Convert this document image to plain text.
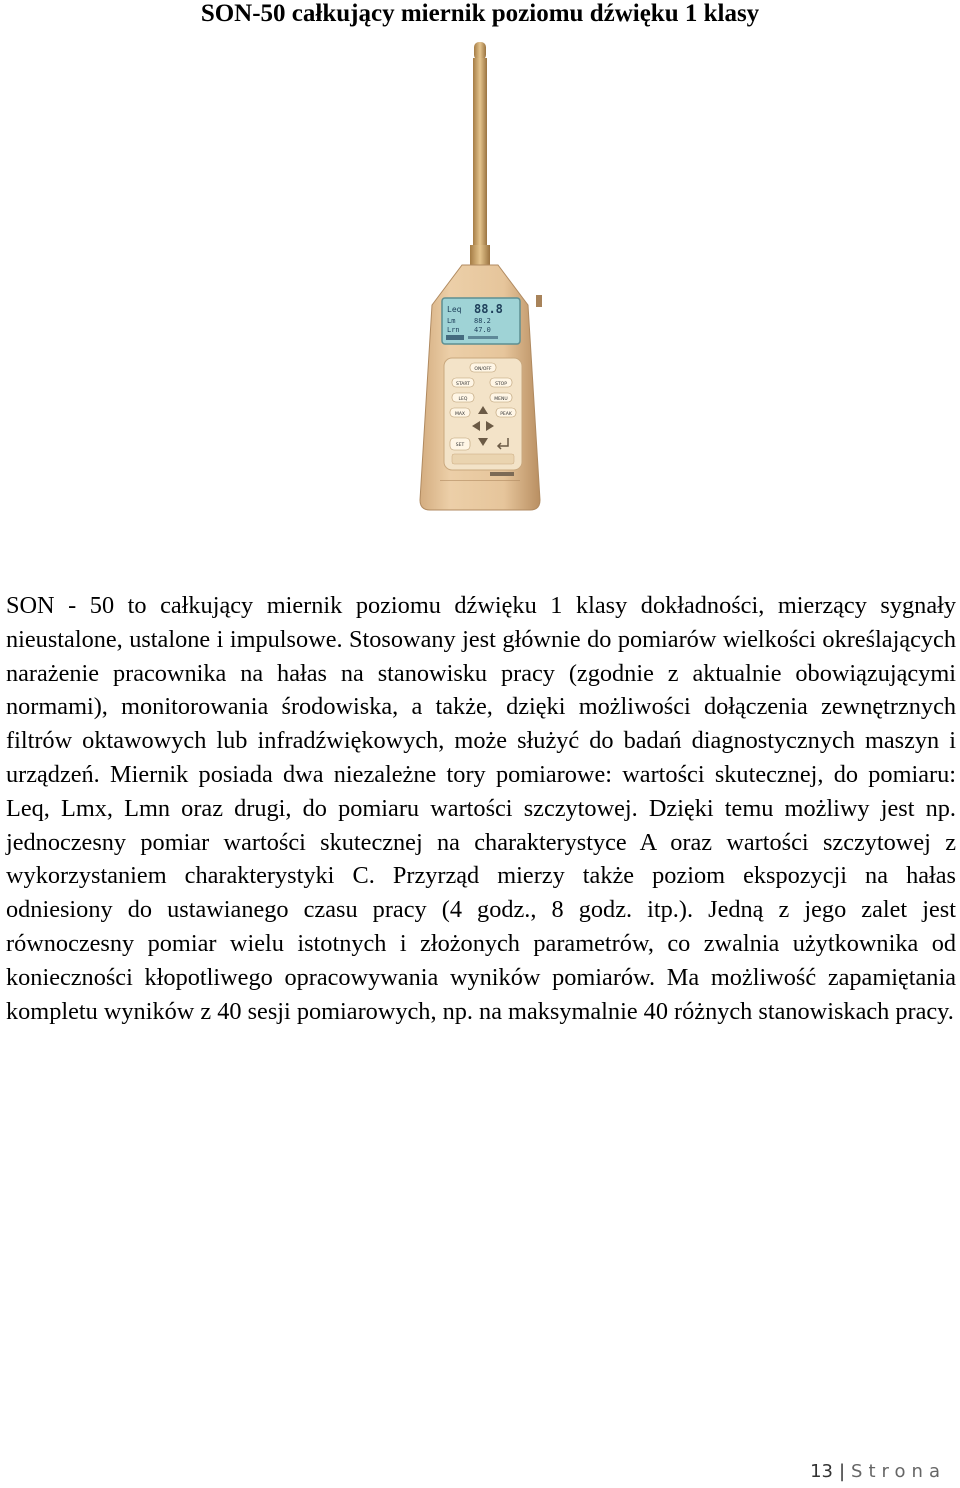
SON-50 całkujący miernik poziomu dźwięku 1 klasy
Leq 88.8
Lm	88.2
Lrn 47.0
ON/OFF
START	STOP
LEQ	MENU
MAX	PEAK
SET

SON - 50 to całkujący miernik poziomu dźwięku 1 klasy dokładności, mierzący sygnały nieustalone, ustalone i impulsowe. Stosowany jest głównie do pomiarów wielkości określających narażenie pracownika na hałas na stanowisku pracy (zgodnie z aktualnie obowiązującymi normami), monitorowania środowiska, a także, dzięki możliwości dołączenia zewnętrznych filtrów oktawowych lub infradźwiękowych, może służyć do badań diagnostycznych maszyn i urządzeń. Miernik posiada dwa niezależne tory pomiarowe: wartości skutecznej, do pomiaru: Leq, Lmx, Lmn oraz drugi, do pomiaru wartości szczytowej. Dzięki temu możliwy jest np. jednoczesny pomiar wartości skutecznej na charakterystyce A oraz wartości szczytowej z wykorzystaniem charakterystyki C. Przyrząd mierzy także poziom ekspozycji na hałas odniesiony do ustawianego czasu pracy (4 godz., 8 godz. itp.). Jedną z jego zalet jest równoczesny pomiar wielu istotnych i złożonych parametrów, co zwalnia użytkownika od konieczności kłopotliwego opracowywania wyników pomiarów. Ma możliwość zapamiętania kompletu wyników z 40 sesji pomiarowych, np. na maksymalnie 40 różnych stanowiskach pracy.

13 | Strona
